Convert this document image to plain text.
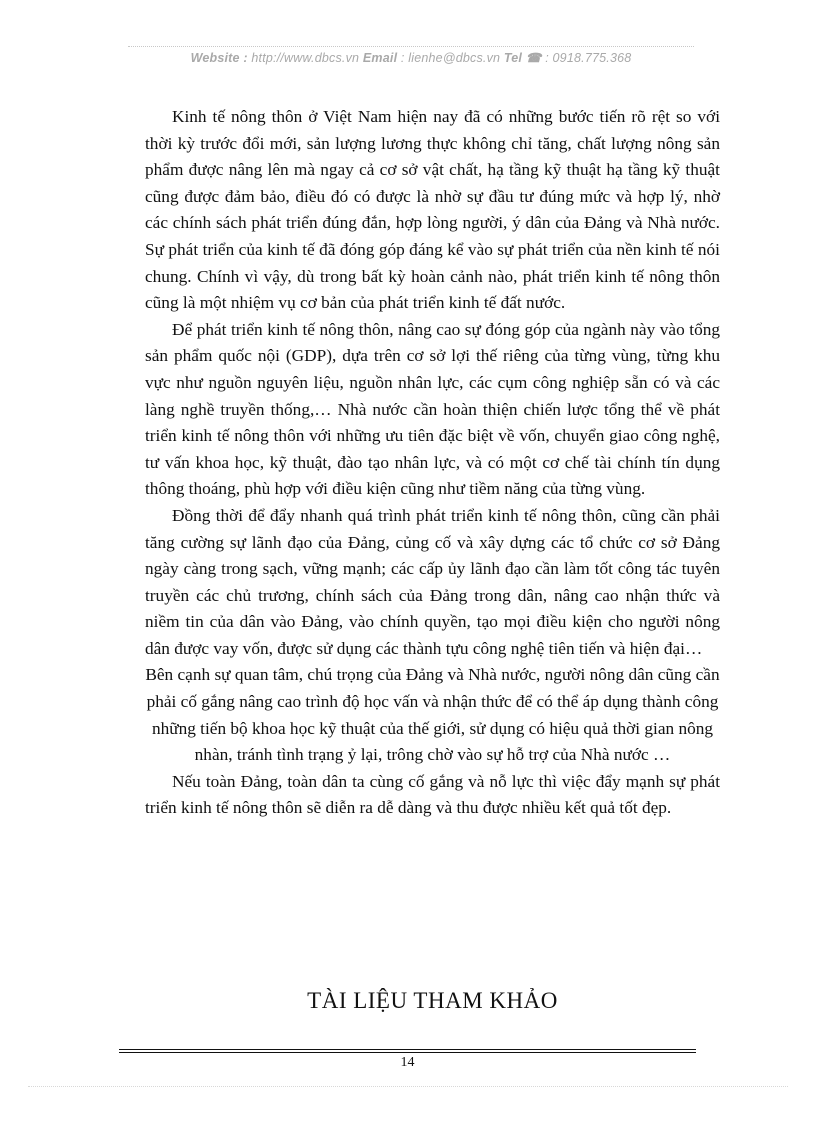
Website : http://www.dbcs.vn Email : lienhe@dbcs.vn Tel ☎ : 0918.775.368

Kinh tế nông thôn ở Việt Nam hiện nay đã có những bước tiến rõ rệt so với thời kỳ trước đổi mới, sản lượng lương thực không chỉ tăng, chất lượng nông sản phẩm được nâng lên mà ngay cả cơ sở vật chất, hạ tầng kỹ thuật hạ tầng kỹ thuật cũng được đảm bảo, điều đó có được là nhờ sự đầu tư đúng mức và hợp lý, nhờ các chính sách phát triển đúng đắn, hợp lòng người, ý dân của Đảng và Nhà nước. Sự phát triển của kinh tế đã đóng góp đáng kể vào sự phát triển của nền kinh tế nói chung. Chính vì vậy, dù trong bất kỳ hoàn cảnh nào, phát triển kinh tế nông thôn cũng là một nhiệm vụ cơ bản của phát triển kinh tế đất nước.

Để phát triển kinh tế nông thôn, nâng cao sự đóng góp của ngành này vào tổng sản phẩm quốc nội (GDP), dựa trên cơ sở lợi thế riêng của từng vùng, từng khu vực như nguồn nguyên liệu, nguồn nhân lực, các cụm công nghiệp sẵn có và các làng nghề truyền thống,… Nhà nước cần hoàn thiện chiến lược tổng thể về phát triển kinh tế nông thôn với những ưu tiên đặc biệt về vốn, chuyển giao công nghệ, tư vấn khoa học, kỹ thuật, đào tạo nhân lực, và có một cơ chế tài chính tín dụng thông thoáng, phù hợp với điều kiện cũng như tiềm năng của từng vùng.

Đồng thời để đẩy nhanh quá trình phát triển kinh tế nông thôn, cũng cần phải tăng cường sự lãnh đạo của Đảng, củng cố và xây dựng các tổ chức cơ sở Đảng ngày càng trong sạch, vững mạnh; các cấp ủy lãnh đạo cần làm tốt công tác tuyên truyền các chủ trương, chính sách của Đảng trong dân, nâng cao nhận thức và niềm tin của dân vào Đảng, vào chính quyền, tạo mọi điều kiện cho người nông dân được vay vốn, được sử dụng các thành tựu công nghệ tiên tiến và hiện đại…

Bên cạnh sự quan tâm, chú trọng của Đảng và Nhà nước, người nông dân cũng cần phải cố gắng nâng cao trình độ học vấn và nhận thức để có thể áp dụng thành công những tiến bộ khoa học kỹ thuật của thế giới, sử dụng có hiệu quả thời gian nông nhàn, tránh tình trạng ỷ lại, trông chờ vào sự hỗ trợ của Nhà nước …

Nếu toàn Đảng, toàn dân ta cùng cố gắng và nỗ lực thì việc đẩy mạnh sự phát triển kinh tế nông thôn sẽ diễn ra dễ dàng và thu được nhiều kết quả tốt đẹp.

TÀI LIỆU THAM KHẢO
14
